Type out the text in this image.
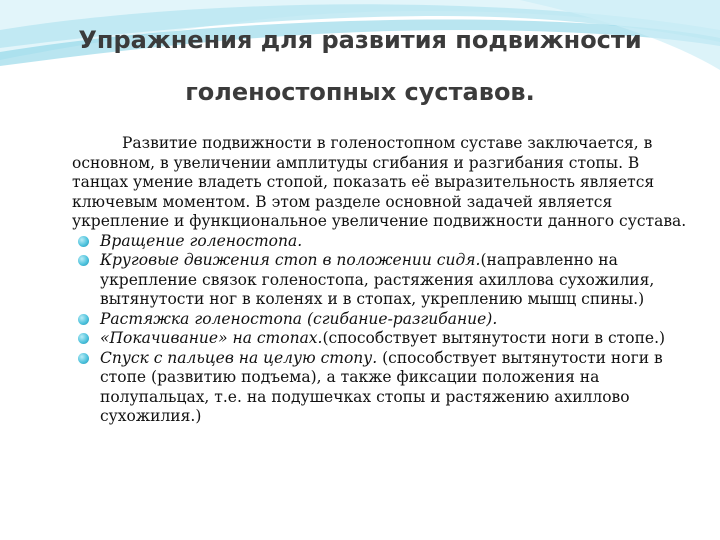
Упражнения для развития подвижности
голеностопных суставов.

Развитие подвижности в голеностопном суставе заключается, в основном, в увеличении амплитуды сгибания и разгибания стопы. В танцах умение владеть стопой, показать её выразительность является ключевым моментом. В этом разделе основной задачей является укрепление и функциональное увеличение подвижности данного сустава.

Вращение голеностопа.
Круговые движения стоп в положении сидя.(направленно на укрепление связок голеностопа, растяжения ахиллова сухожилия, вытянутости ног в коленях и в стопах, укреплению мышц спины.)
Растяжка голеностопа (сгибание-разгибание).
«Покачивание» на стопах.(способствует вытянутости ноги в стопе.)
Спуск с пальцев на целую стопу. (способствует вытянутости ноги в стопе (развитию подъема), а также фиксации положения на полупальцах, т.е. на подушечках стопы и растяжению ахиллово сухожилия.)
